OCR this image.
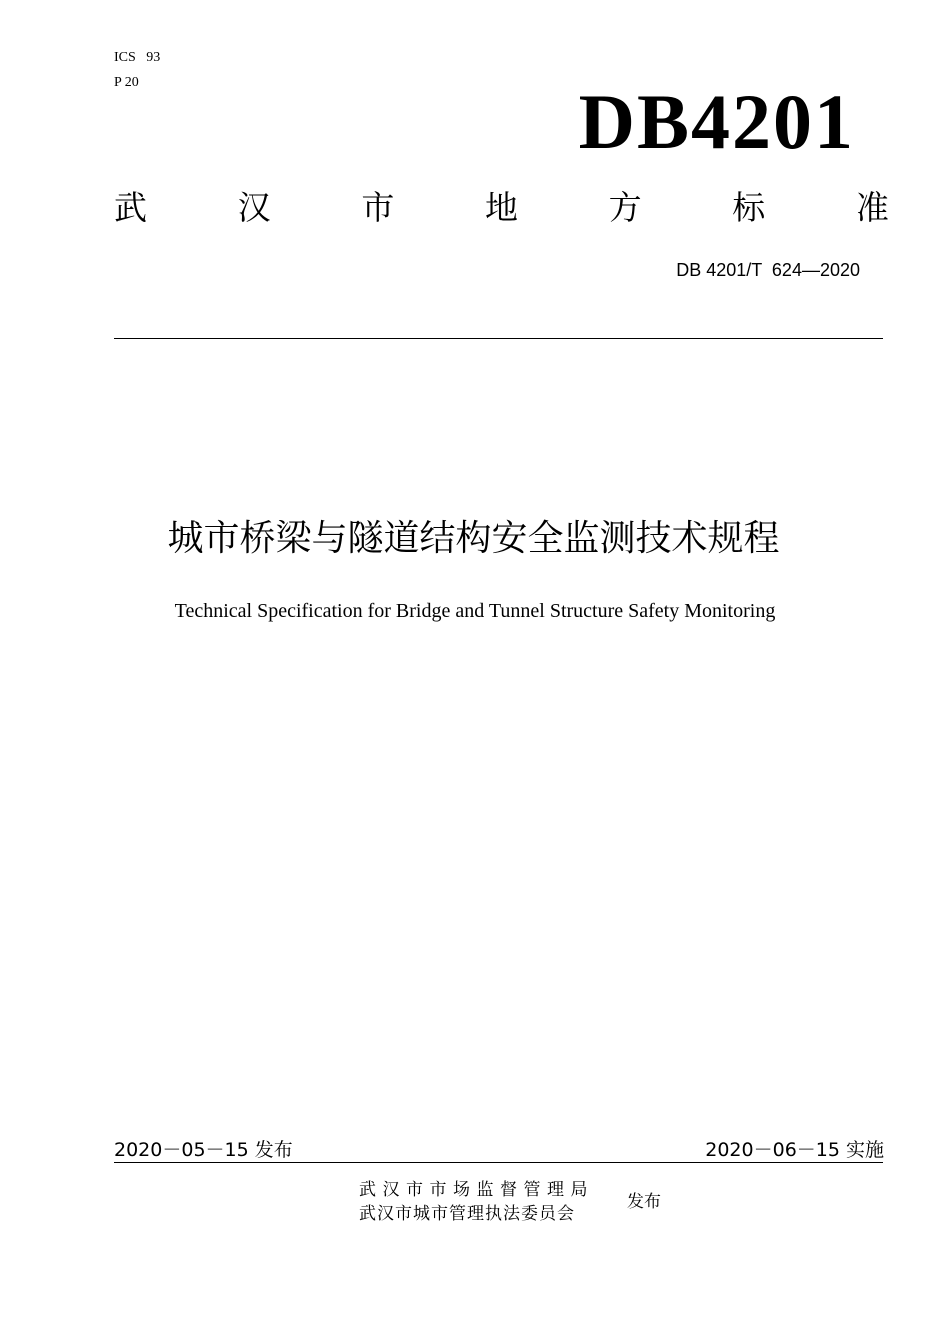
ICS   93
P 20	DB4201
武	汉	市	地	方	标	准
DB 4201/T  624—2020
城市桥梁与隧道结构安全监测技术规程
Technical Specification for Bridge and Tunnel Structure Safety Monitoring
2020－05－15 发布	2020－06－15 实施
武汉市市场监督管理局
武汉市城市管理执法委员会
发布
